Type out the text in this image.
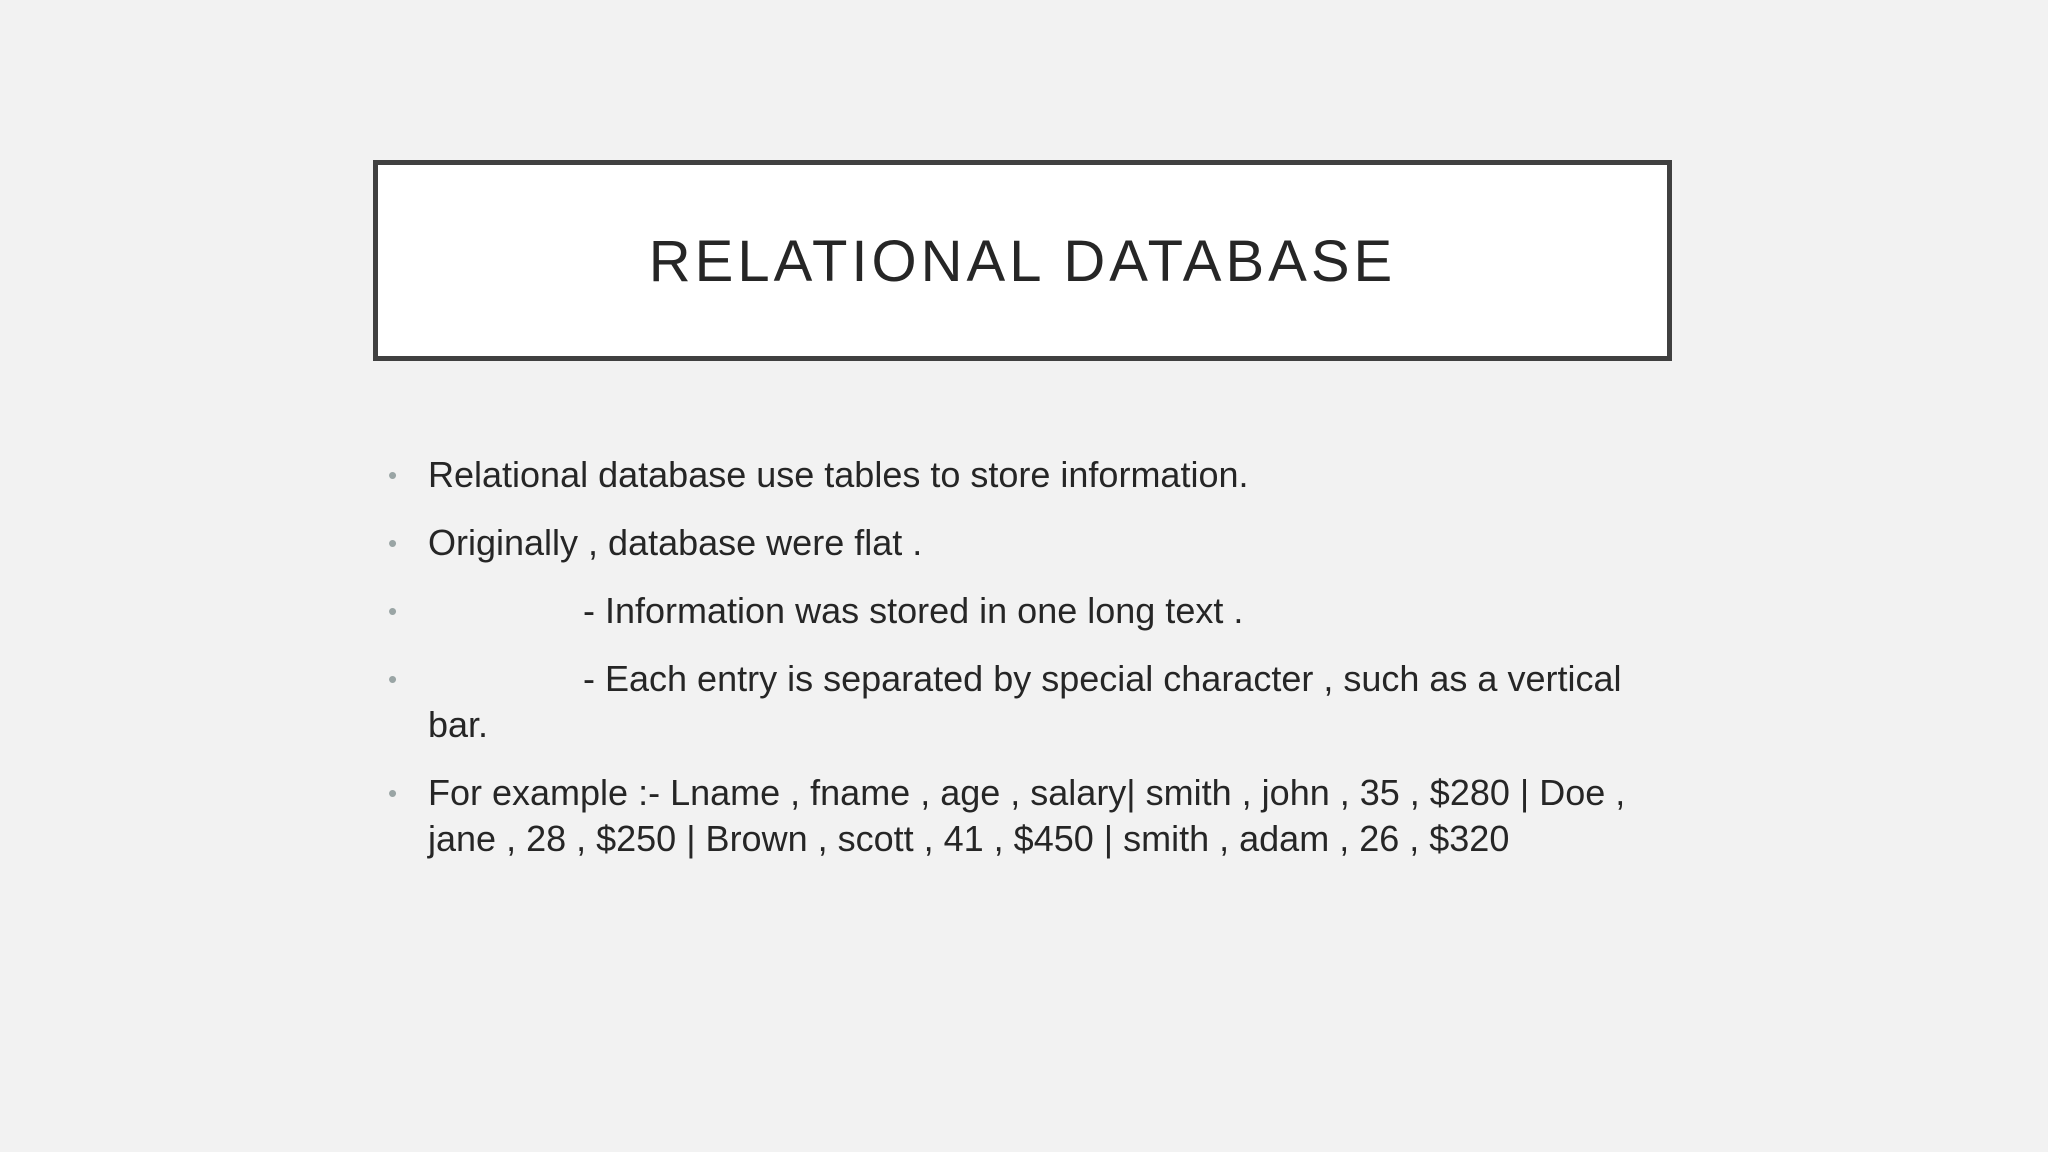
RELATIONAL DATABASE
• Relational database use tables to store information.
• Originally , database were flat .
•	- Information was stored in one long text .
•	- Each entry is separated by special character , such as a vertical bar.
• For example :- Lname , fname , age , salary| smith , john , 35 , $280 | Doe , jane , 28 , $250 | Brown , scott , 41 , $450 | smith , adam , 26 , $320
